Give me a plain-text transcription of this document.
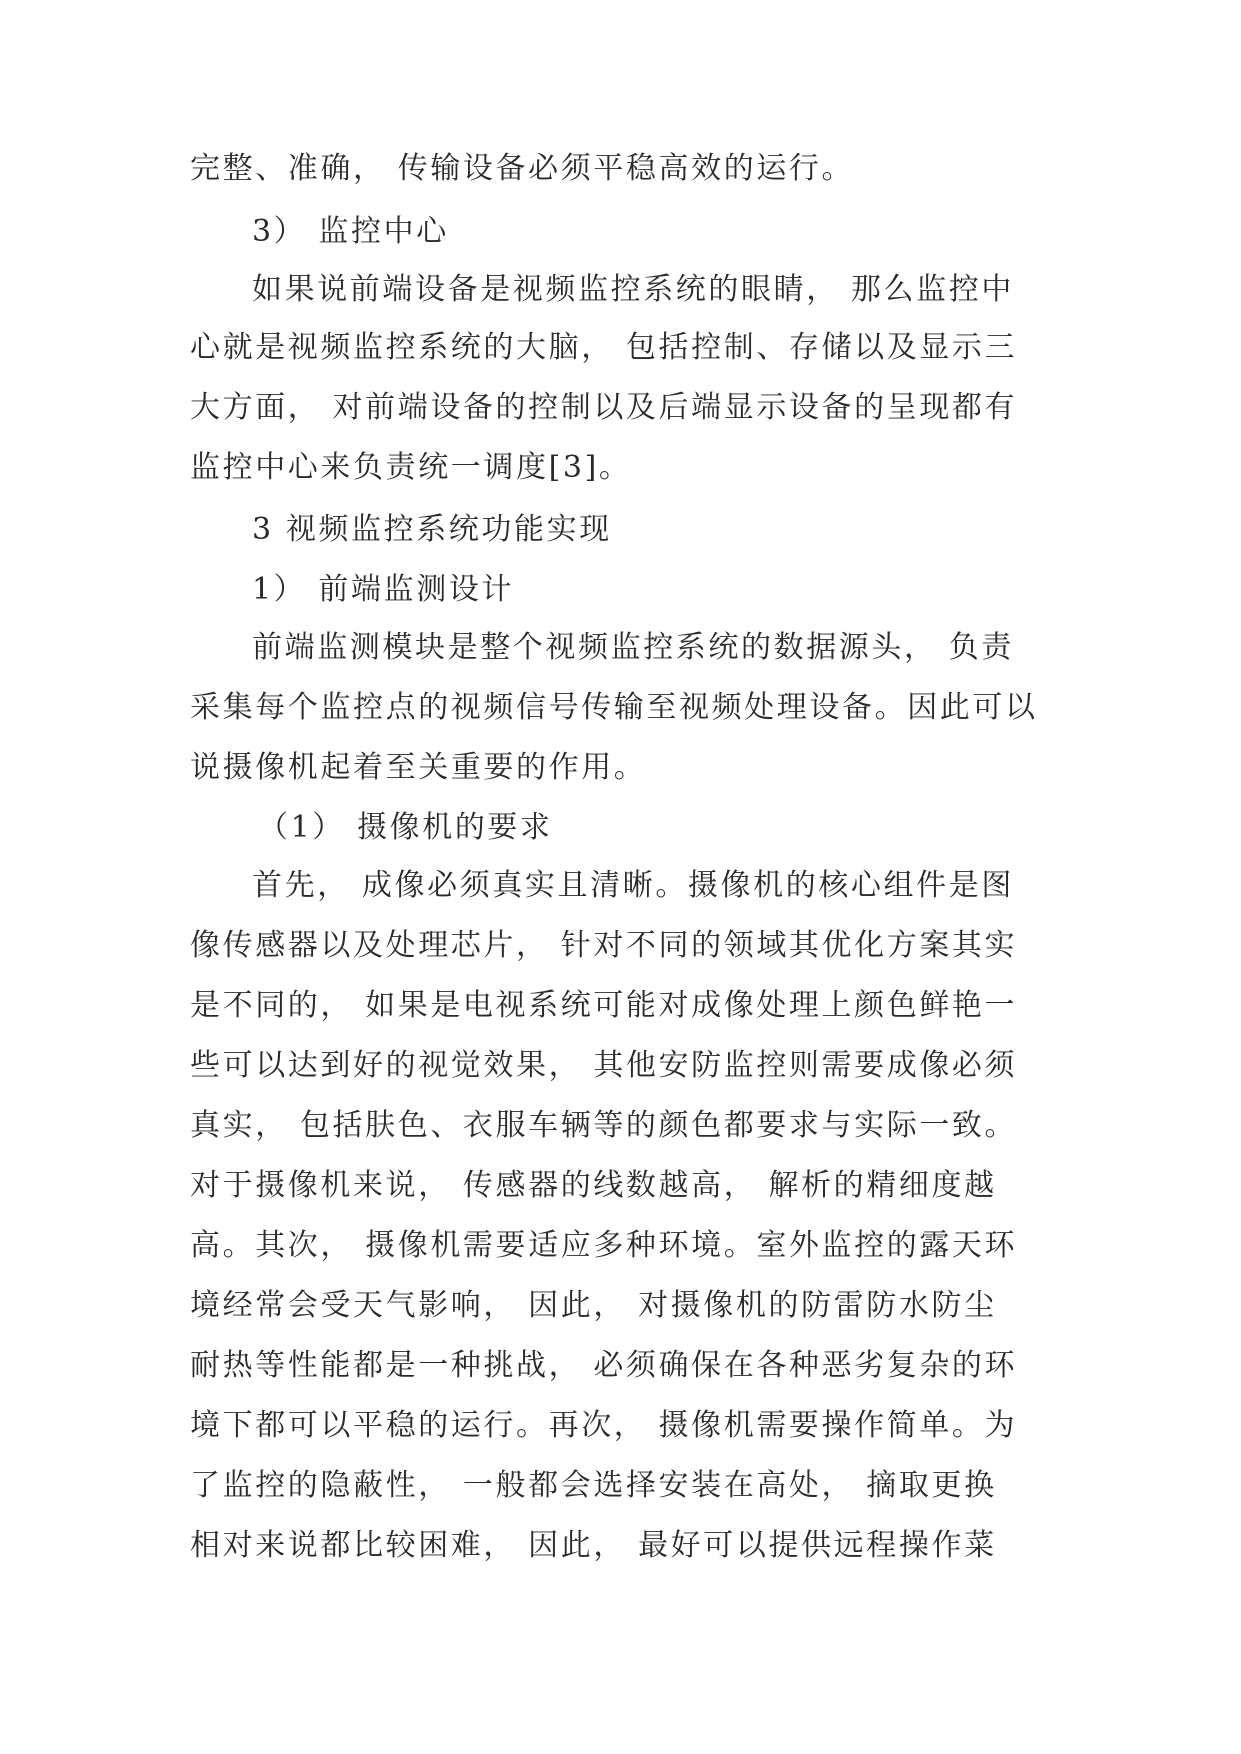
完整、准确， 传输设备必须平稳高效的运行。
3） 监控中心
如果说前端设备是视频监控系统的眼睛， 那么监控中
心就是视频监控系统的大脑， 包括控制、存储以及显示三
大方面， 对前端设备的控制以及后端显示设备的呈现都有
监控中心来负责统一调度[3]。
3 视频监控系统功能实现
1） 前端监测设计
前端监测模块是整个视频监控系统的数据源头， 负责
采集每个监控点的视频信号传输至视频处理设备。因此可以
说摄像机起着至关重要的作用。
（1） 摄像机的要求
首先， 成像必须真实且清晰。摄像机的核心组件是图
像传感器以及处理芯片， 针对不同的领域其优化方案其实
是不同的， 如果是电视系统可能对成像处理上颜色鲜艳一
些可以达到好的视觉效果， 其他安防监控则需要成像必须
真实， 包括肤色、衣服车辆等的颜色都要求与实际一致。
对于摄像机来说， 传感器的线数越高， 解析的精细度越
高。其次， 摄像机需要适应多种环境。室外监控的露天环
境经常会受天气影响， 因此， 对摄像机的防雷防水防尘
耐热等性能都是一种挑战， 必须确保在各种恶劣复杂的环
境下都可以平稳的运行。再次， 摄像机需要操作简单。为
了监控的隐蔽性， 一般都会选择安装在高处， 摘取更换
相对来说都比较困难， 因此， 最好可以提供远程操作菜
